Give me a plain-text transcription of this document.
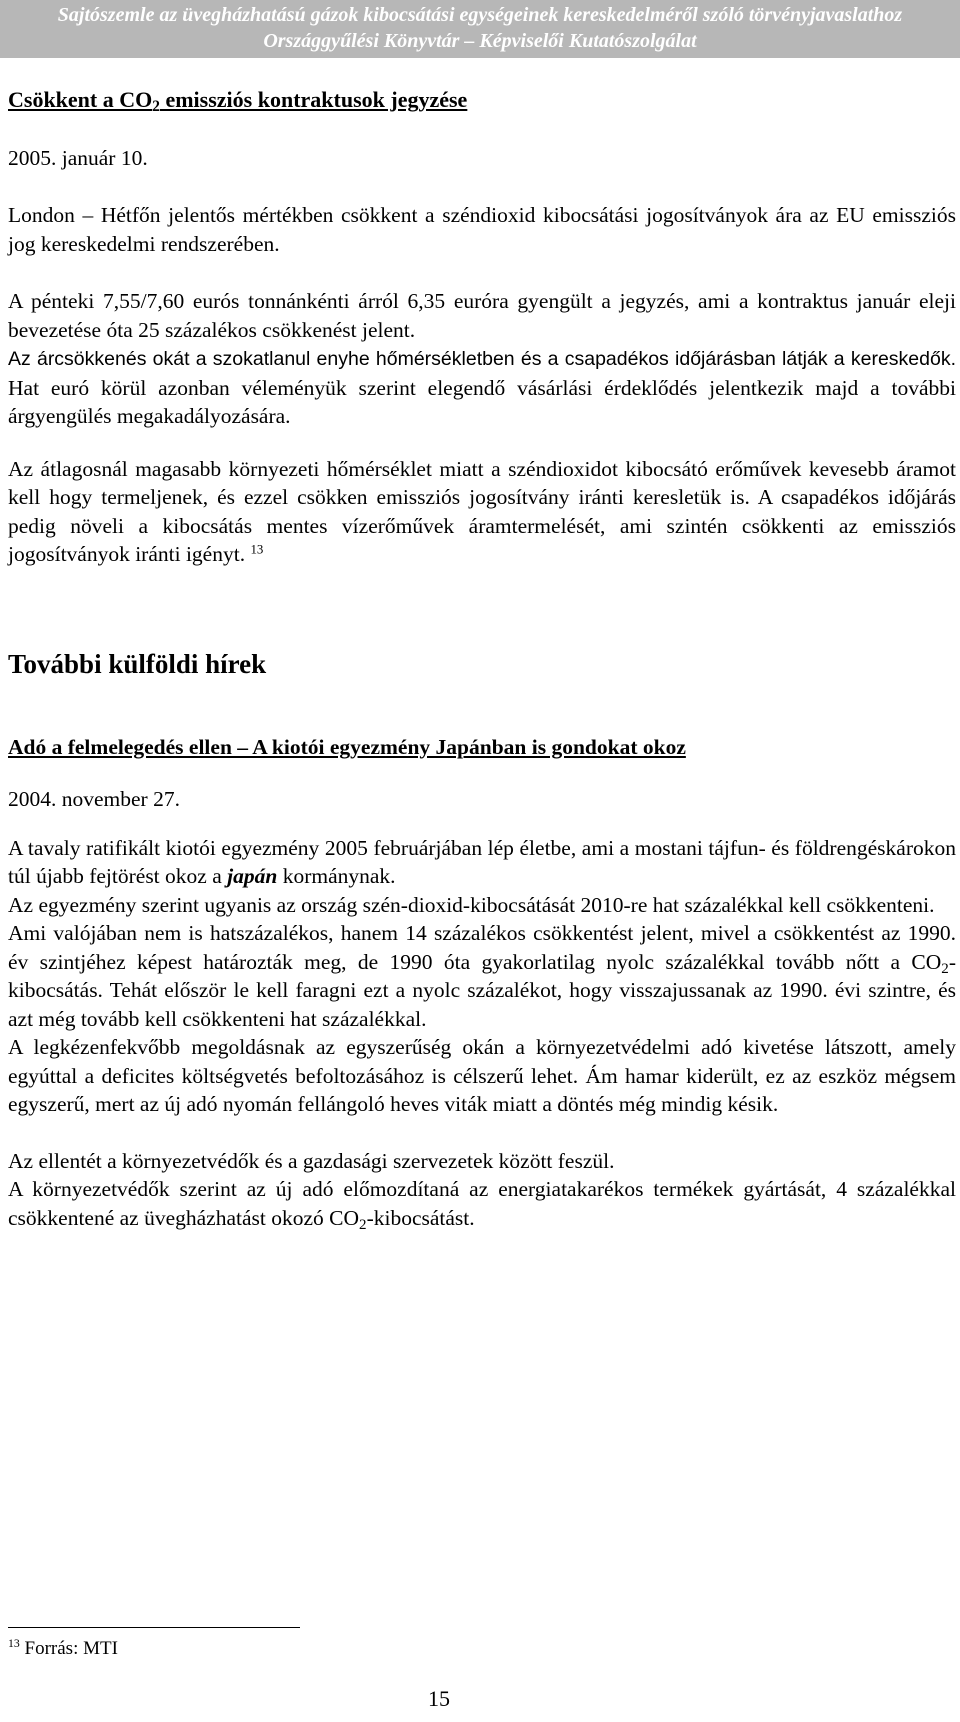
Sajtószemle az üvegházhatású gázok kibocsátási egységeinek kereskedelméről szóló törvényjavaslathoz
Országgyűlési Könyvtár – Képviselői Kutatószolgálat

Csökkent a $CO_2$ emissziós kontraktusok jegyzése

2005. január 10.

London – Hétfőn jelentős mértékben csökkent a széndioxid kibocsátási jogosítványok ára az EU emissziós jog kereskedelmi rendszerében.

A pénteki 7,55/7,60 eurós tonnánkénti árról 6,35 euróra gyengült a jegyzés, ami a kontraktus január eleji bevezetése óta 25 százalékos csökkenést jelent.

Az árcsökkenés okát a szokatlanul enyhe hőmérsékletben és a csapadékos időjárásban látják a kereskedők. Hat euró körül azonban véleményük szerint elegendő vásárlási érdeklődés jelentkezik majd a további árgyengülés megakadályozására.

Az átlagosnál magasabb környezeti hőmérséklet miatt a széndioxidot kibocsátó erőművek kevesebb áramot kell hogy termeljenek, és ezzel csökken emissziós jogosítvány iránti keresletük is. A csapadékos időjárás pedig növeli a kibocsátás mentes vízerőművek áramtermelését, ami szintén csökkenti az emissziós jogosítványok iránti igényt. $^{13}$

További külföldi hírek

Adó a felmelegedés ellen – A kiotói egyezmény Japánban is gondokat okoz

2004. november 27.

A tavaly ratifikált kiotói egyezmény 2005 februárjában lép életbe, ami a mostani tájfun- és földrengéskárokon túl újabb fejtörést okoz a japán kormánynak.

Az egyezmény szerint ugyanis az ország szén-dioxid-kibocsátását 2010-re hat százalékkal kell csökkenteni.

Ami valójában nem is hatszázalékos, hanem 14 százalékos csökkentést jelent, mivel a csökkentést az 1990. év szintjéhez képest határozták meg, de 1990 óta gyakorlatilag nyolc százalékkal tovább nőtt a $CO_2$-kibocsátás. Tehát először le kell faragni ezt a nyolc százalékot, hogy visszajussanak az 1990. évi szintre, és azt még tovább kell csökkenteni hat százalékkal.

A legkézenfekvőbb megoldásnak az egyszerűség okán a környezetvédelmi adó kivetése látszott, amely egyúttal a deficites költségvetés befoltozásához is célszerű lehet. Ám hamar kiderült, ez az eszköz mégsem egyszerű, mert az új adó nyomán fellángoló heves viták miatt a döntés még mindig késik.

Az ellentét a környezetvédők és a gazdasági szervezetek között feszül.

A környezetvédők szerint az új adó előmozdítaná az energiatakarékos termékek gyártását, 4 százalékkal csökkentené az üvegházhatást okozó $CO_2$-kibocsátást.

$^{13}$ Forrás: MTI
15
